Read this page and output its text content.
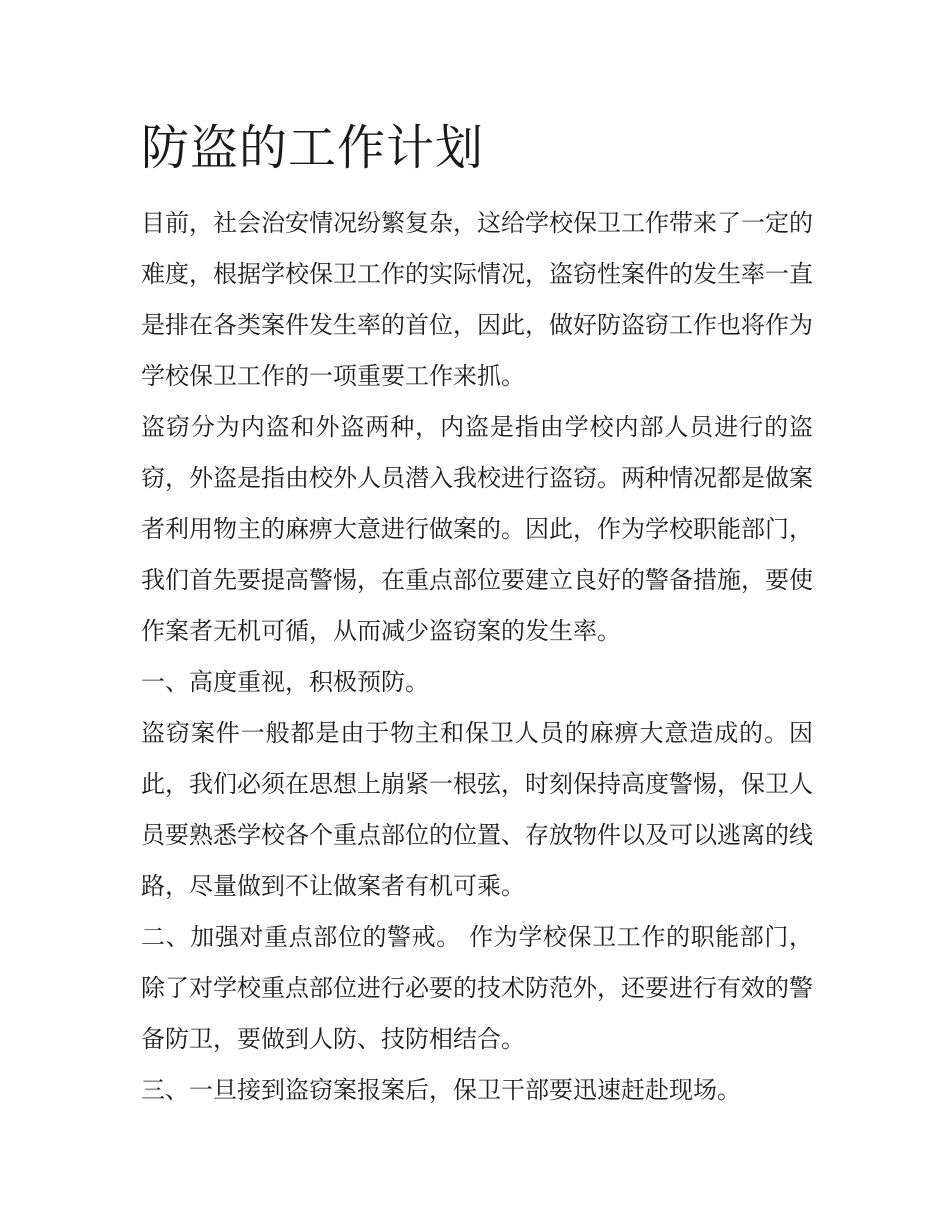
防盗的工作计划

目前，社会治安情况纷繁复杂，这给学校保卫工作带来了一定的难度，根据学校保卫工作的实际情况，盗窃性案件的发生率一直是排在各类案件发生率的首位，因此，做好防盗窃工作也将作为学校保卫工作的一项重要工作来抓。

盗窃分为内盗和外盗两种，内盗是指由学校内部人员进行的盗窃，外盗是指由校外人员潜入我校进行盗窃。两种情况都是做案者利用物主的麻痹大意进行做案的。因此，作为学校职能部门，我们首先要提高警惕，在重点部位要建立良好的警备措施，要使作案者无机可循，从而减少盗窃案的发生率。

一、高度重视，积极预防。

盗窃案件一般都是由于物主和保卫人员的麻痹大意造成的。因此，我们必须在思想上崩紧一根弦，时刻保持高度警惕，保卫人员要熟悉学校各个重点部位的位置、存放物件以及可以逃离的线路，尽量做到不让做案者有机可乘。

二、加强对重点部位的警戒。 作为学校保卫工作的职能部门，除了对学校重点部位进行必要的技术防范外，还要进行有效的警备防卫，要做到人防、技防相结合。

三、一旦接到盗窃案报案后，保卫干部要迅速赶赴现场。
